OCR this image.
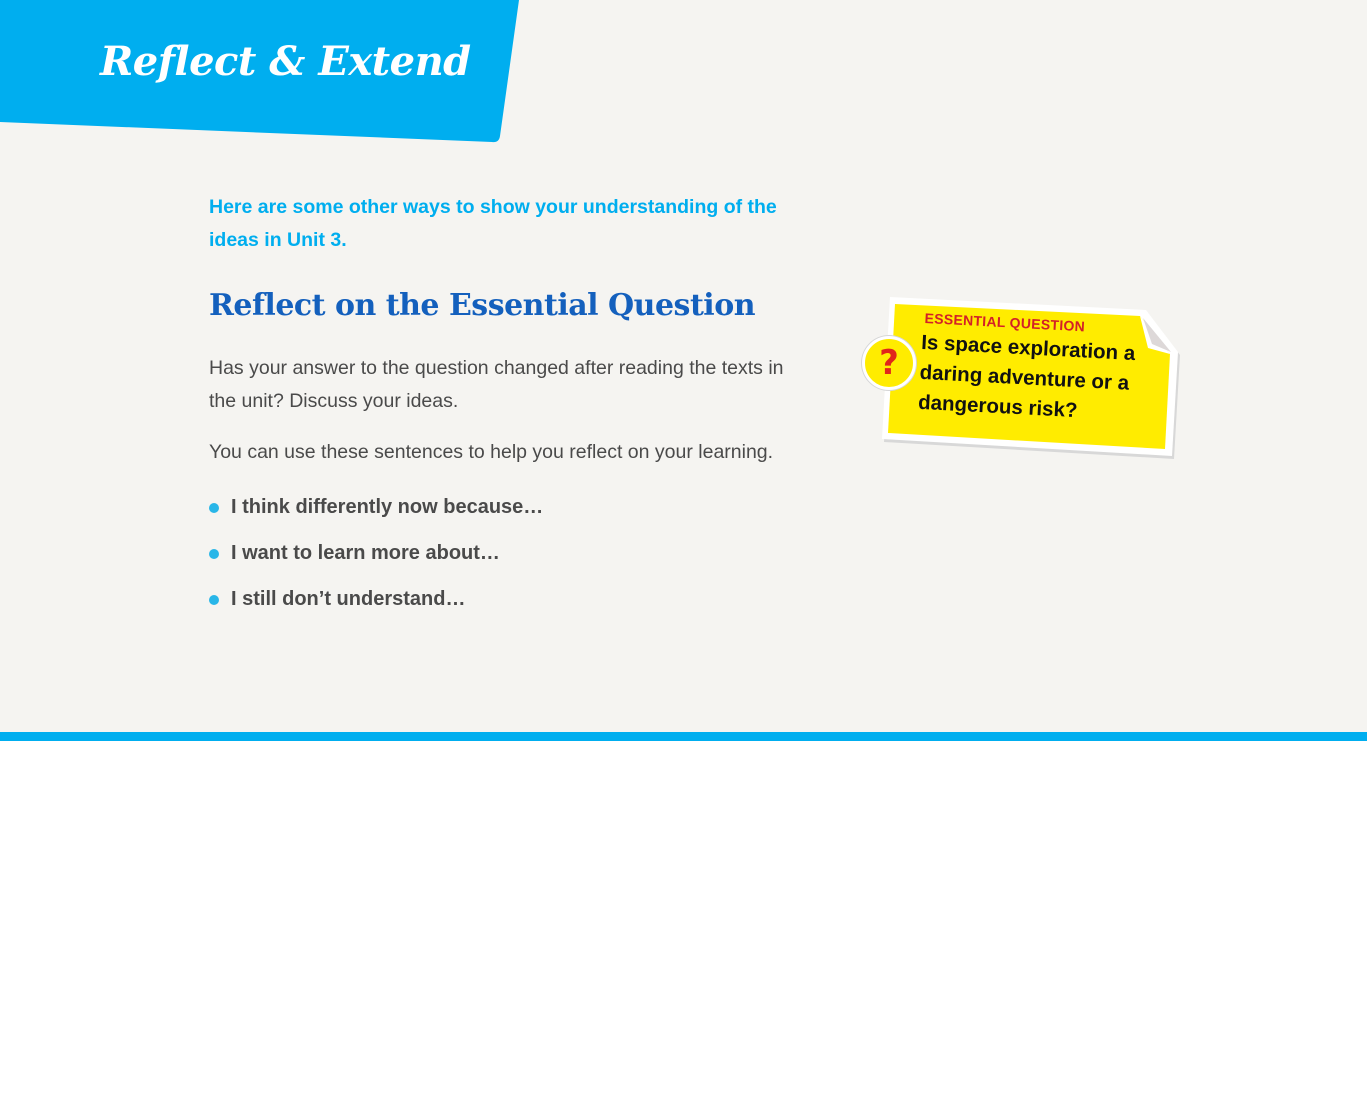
Reflect & Extend

Here are some other ways to show your understanding of the ideas in Unit 3.

Reflect on the Essential Question

Has your answer to the question changed after reading the texts in the unit? Discuss your ideas.

You can use these sentences to help you reflect on your learning.

I think differently now because…
I want to learn more about…
I still don’t understand…
?

ESSENTIAL QUESTION

Is space exploration a daring adventure or a dangerous risk?
